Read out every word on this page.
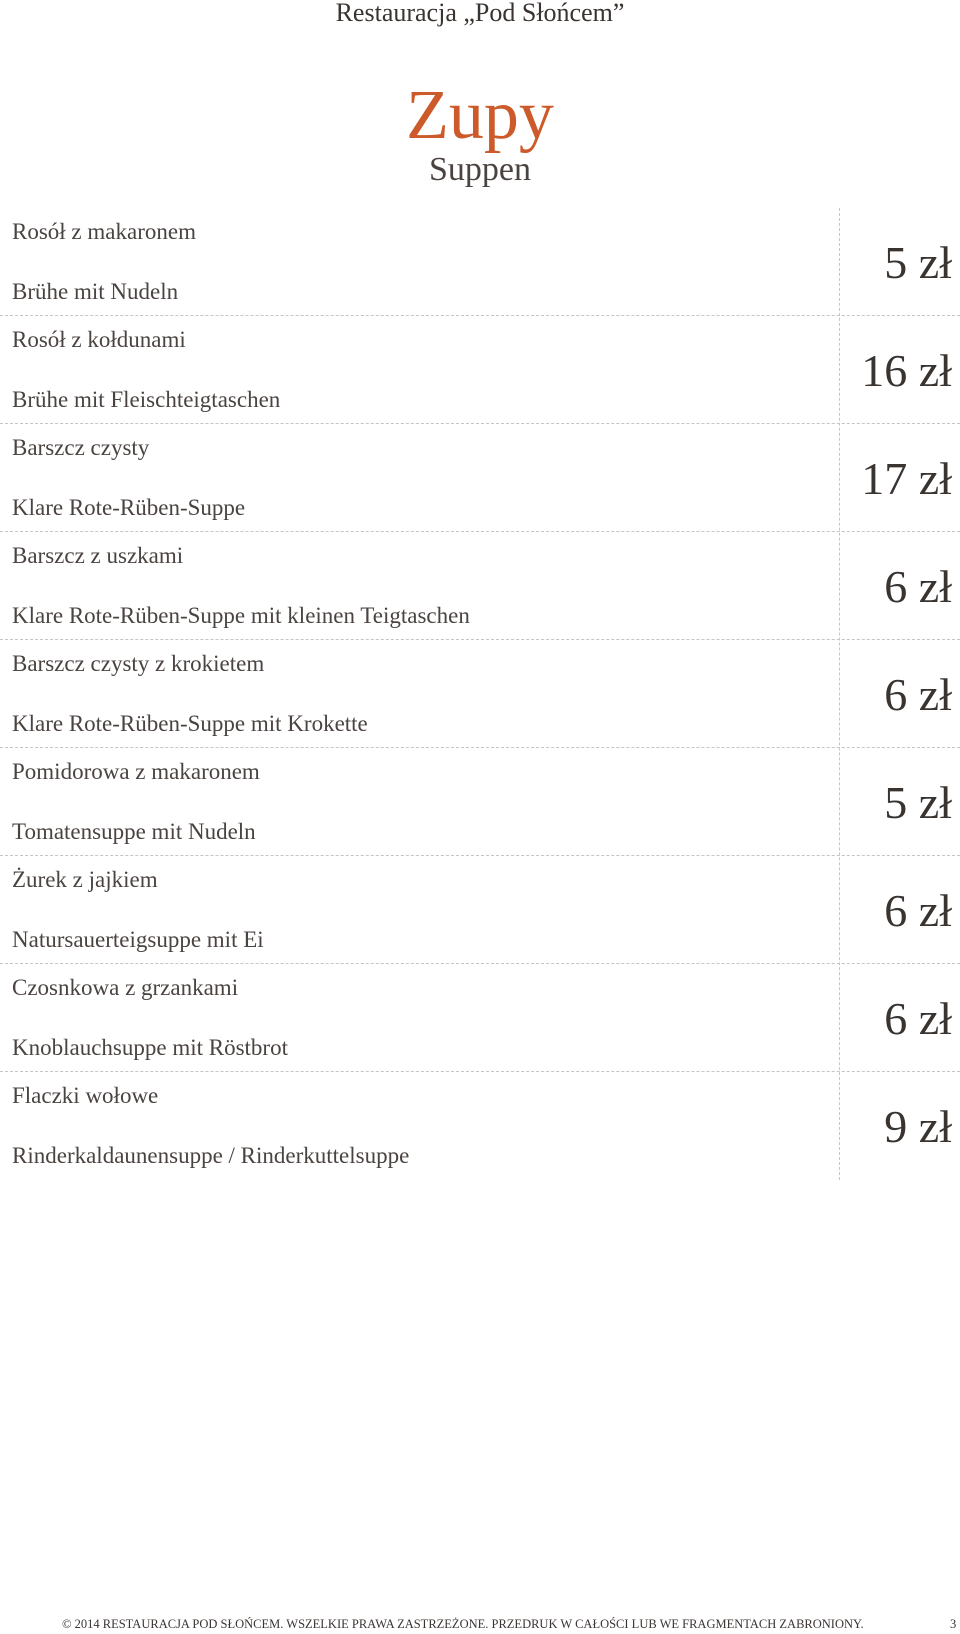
Restauracja „Pod Słońcem”
Zupy
Suppen
Rosół z makaronem
Brühe mit Nudeln
5 zł
Rosół z kołdunami
Brühe mit Fleischteigtaschen
16 zł
Barszcz czysty
Klare Rote-Rüben-Suppe
17 zł
Barszcz z uszkami
Klare Rote-Rüben-Suppe mit kleinen Teigtaschen
6 zł
Barszcz czysty z krokietem
Klare Rote-Rüben-Suppe mit Krokette
6 zł
Pomidorowa z makaronem
Tomatensuppe mit Nudeln
5 zł
Żurek z jajkiem
Natursauerteigsuppe mit Ei
6 zł
Czosnkowa z grzankami
Knoblauchsuppe mit Röstbrot
6 zł
Flaczki wołowe
Rinderkaldaunensuppe / Rinderkuttelsuppe
9 zł
© 2014 RESTAURACJA POD SŁOŃCEM. WSZELKIE PRAWA ZASTRZEŻONE. PRZEDRUK W CAŁOŚCI LUB WE FRAGMENTACH ZABRONIONY.	3
